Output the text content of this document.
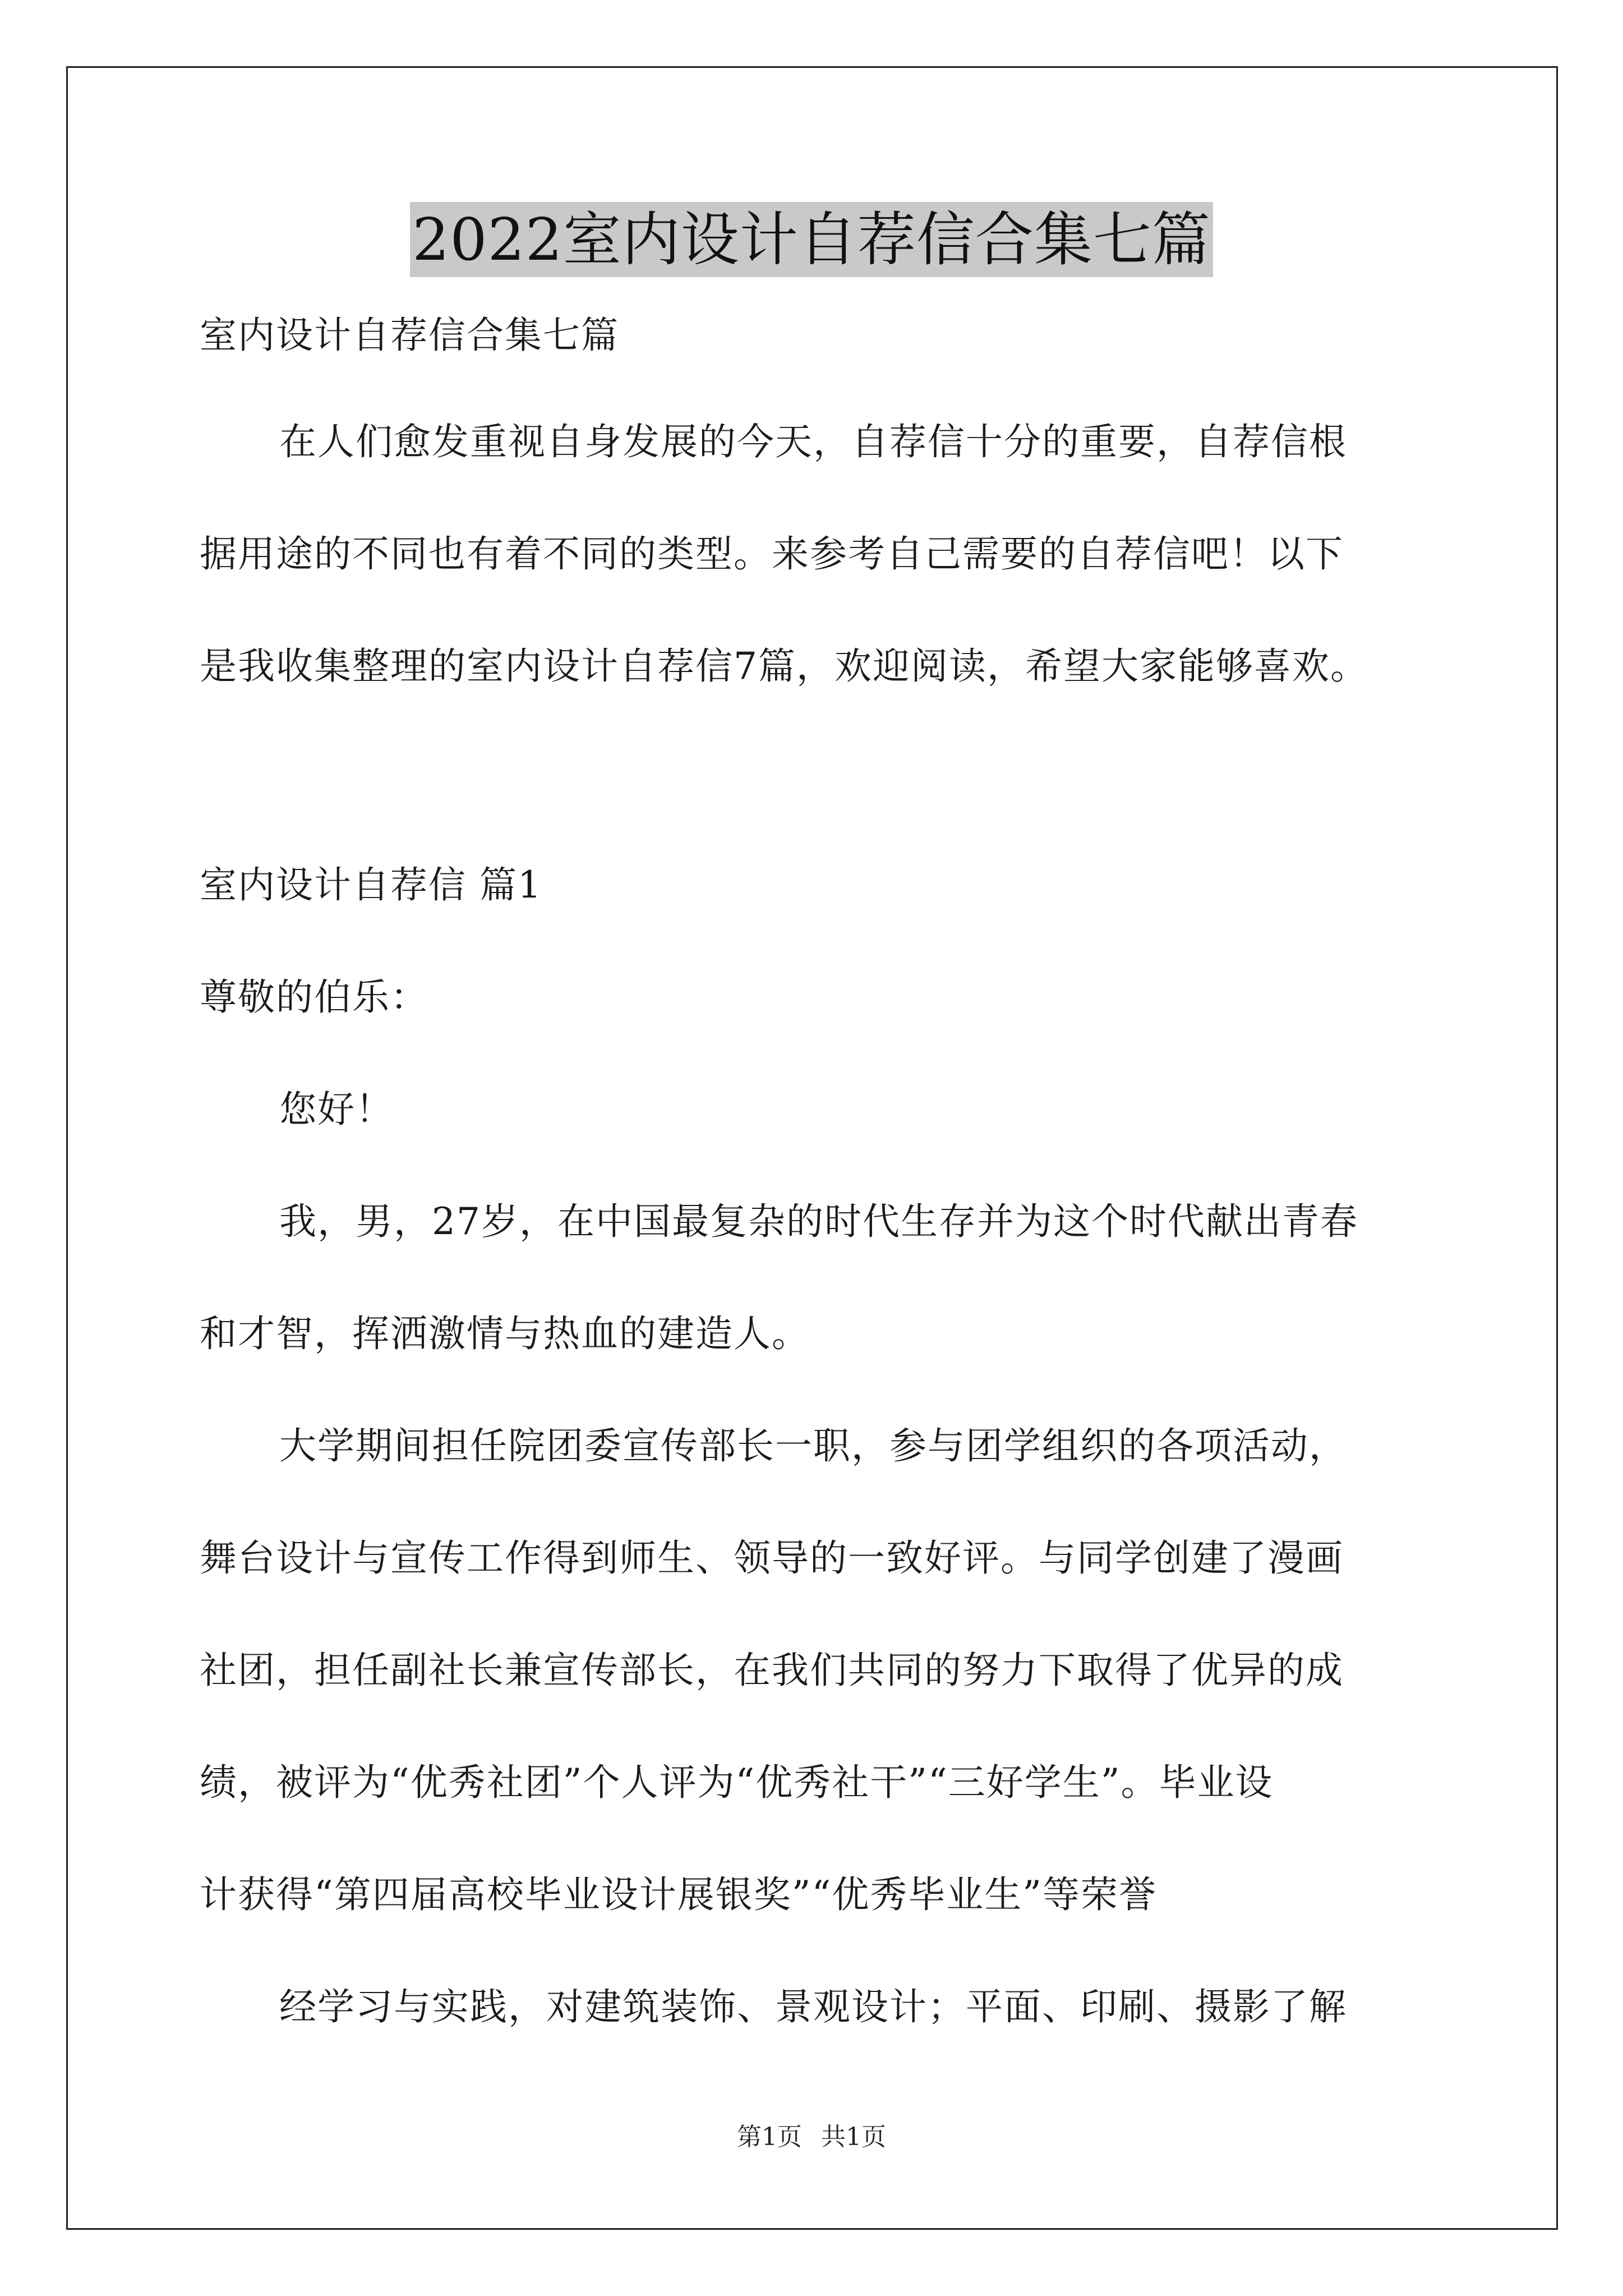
2022室内设计自荐信合集七篇
室内设计自荐信合集七篇
在人们愈发重视自身发展的今天，自荐信十分的重要，自荐信根
据用途的不同也有着不同的类型。来参考自己需要的自荐信吧！以下
是我收集整理的室内设计自荐信7篇，欢迎阅读，希望大家能够喜欢。
室内设计自荐信 篇1
尊敬的伯乐：
您好！
我，男，27岁，在中国最复杂的时代生存并为这个时代献出青春
和才智，挥洒激情与热血的建造人。
大学期间担任院团委宣传部长一职，参与团学组织的各项活动，
舞台设计与宣传工作得到师生、领导的一致好评。与同学创建了漫画
社团，担任副社长兼宣传部长，在我们共同的努力下取得了优异的成
绩，被评为“优秀社团”个人评为“优秀社干”“三好学生”。毕业设
计获得“第四届高校毕业设计展银奖”“优秀毕业生”等荣誉
经学习与实践，对建筑装饰、景观设计；平面、印刷、摄影了解
第1页 共1页
